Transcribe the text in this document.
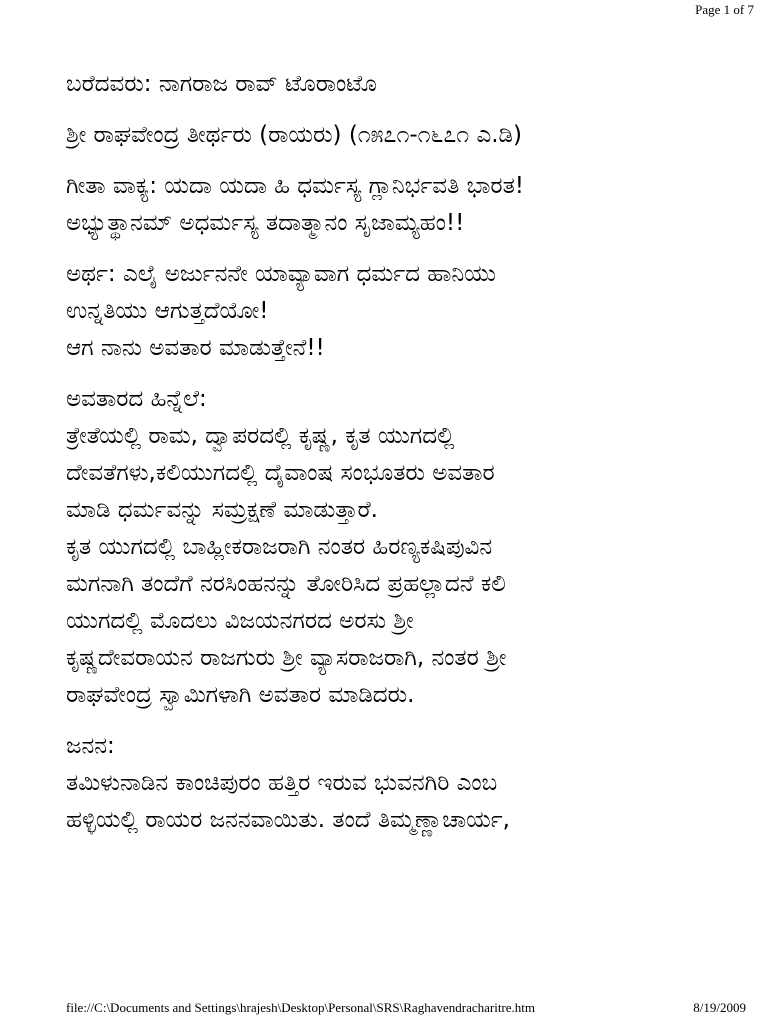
Page 1 of 7
ಬರೆದವರು: ನಾಗರಾಜ ರಾವ್ ಟೊರಾಂಟೊ
ಶ್ರೀ ರಾಘವೇಂದ್ರ ತೀರ್ಥರು (ರಾಯರು) (೧೫೭೧-೧೬೭೧ ಎ.ಡಿ)
ಗೀತಾ ವಾಕ್ಯ: ಯದಾ ಯದಾ ಹಿ ಧರ್ಮಸ್ಯ ಗ್ಲಾನಿರ್ಭವತಿ ಭಾರತ!
ಅಭ್ಯುತ್ಥಾನಮ್ ಅಧರ್ಮಸ್ಯ ತದಾತ್ಮಾನಂ ಸೃಜಾಮ್ಯಹಂ!!
ಅರ್ಥ: ಎಲೈ ಅರ್ಜುನನೇ ಯಾವ್ಯಾವಾಗ ಧರ್ಮದ ಹಾನಿಯು
ಉನ್ನತಿಯು ಆಗುತ್ತದೆಯೋ!
ಆಗ ನಾನು ಅವತಾರ ಮಾಡುತ್ತೇನೆ!!
ಅವತಾರದ ಹಿನ್ನೆಲೆ:
ತ್ರೇತೆಯಲ್ಲಿ ರಾಮ, ದ್ವಾಪರದಲ್ಲಿ ಕೃಷ್ಣ, ಕೃತ ಯುಗದಲ್ಲಿ
ದೇವತೆಗಳು,ಕಲಿಯುಗದಲ್ಲಿ ದೈವಾಂಷ ಸಂಭೂತರು ಅವತಾರ
ಮಾಡಿ ಧರ್ಮವನ್ನು ಸಮ್ರಕ್ಷಣೆ ಮಾಡುತ್ತಾರೆ.
ಕೃತ ಯುಗದಲ್ಲಿ ಬಾಹ್ಲೀಕರಾಜರಾಗಿ ನಂತರ ಹಿರಣ್ಯಕಷಿಪುವಿನ
ಮಗನಾಗಿ ತಂದೆಗೆ ನರಸಿಂಹನನ್ನು ತೋರಿಸಿದ ಪ್ರಹಲ್ಲಾದನೆ ಕಲಿ
ಯುಗದಲ್ಲಿ ಮೊದಲು ವಿಜಯನಗರದ ಅರಸು ಶ್ರೀ
ಕೃಷ್ಣದೇವರಾಯನ ರಾಜಗುರು ಶ್ರೀ ವ್ಯಾಸರಾಜರಾಗಿ, ನಂತರ ಶ್ರೀ
ರಾಘವೇಂದ್ರ ಸ್ವಾಮಿಗಳಾಗಿ ಅವತಾರ ಮಾಡಿದರು.
ಜನನ:
ತಮಿಳುನಾಡಿನ ಕಾಂಚಿಪುರಂ ಹತ್ತಿರ ಇರುವ ಭುವನಗಿರಿ ಎಂಬ
ಹಳ್ಳಿಯಲ್ಲಿ ರಾಯರ ಜನನವಾಯಿತು. ತಂದೆ ತಿಮ್ಮಣ್ಣಾಚಾರ್ಯ,
file://C:\Documents and Settings\hrajesh\Desktop\Personal\SRS\Raghavendracharitre.htm	8/19/2009
